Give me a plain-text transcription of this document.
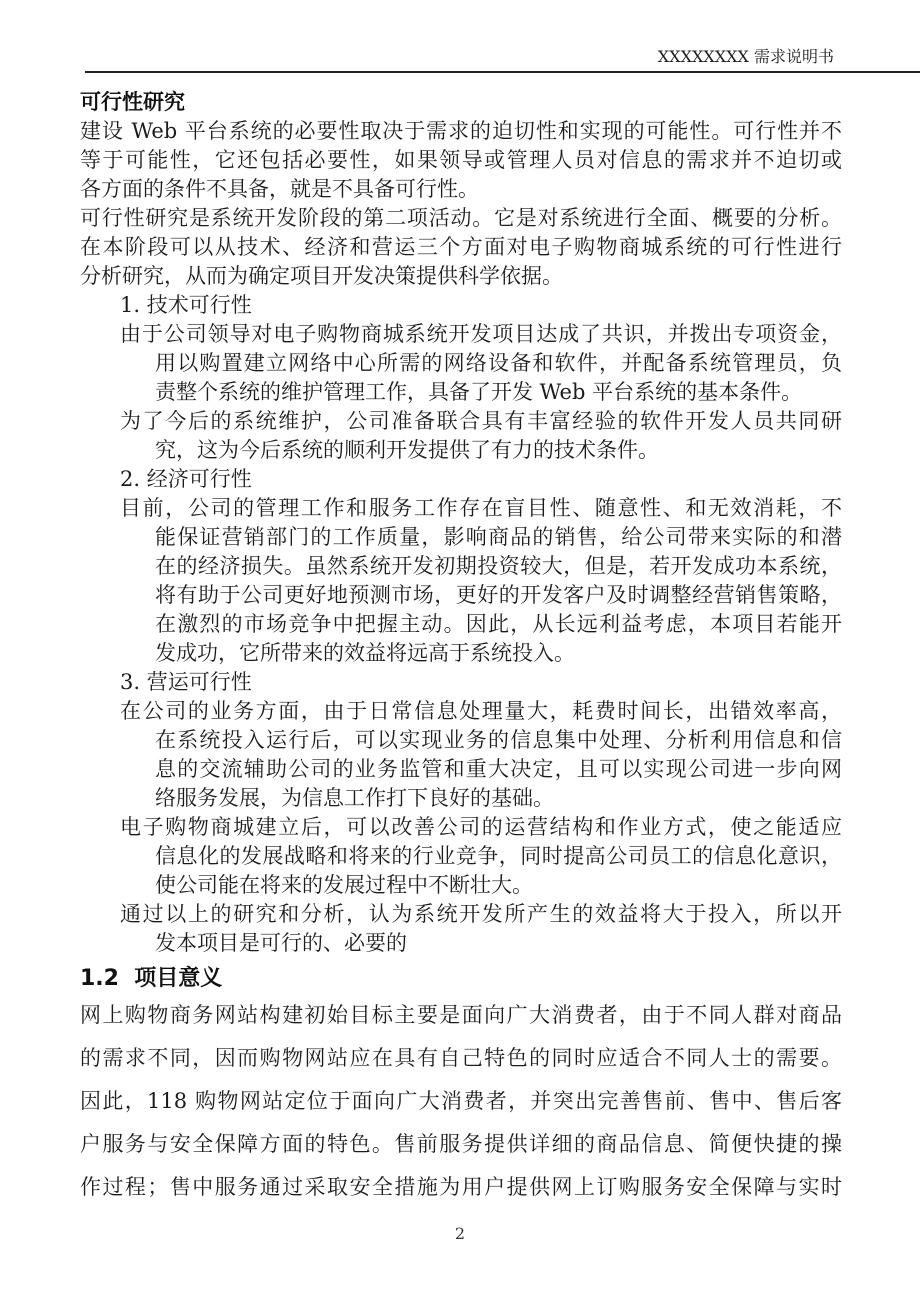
XXXXXXXX 需求说明书
可行性研究
建设 Web 平台系统的必要性取决于需求的迫切性和实现的可能性。可行性并不
等于可能性，它还包括必要性，如果领导或管理人员对信息的需求并不迫切或
各方面的条件不具备，就是不具备可行性。
可行性研究是系统开发阶段的第二项活动。它是对系统进行全面、概要的分析。
在本阶段可以从技术、经济和营运三个方面对电子购物商城系统的可行性进行
分析研究，从而为确定项目开发决策提供科学依据。
1. 技术可行性
由于公司领导对电子购物商城系统开发项目达成了共识，并拨出专项资金，
用以购置建立网络中心所需的网络设备和软件，并配备系统管理员，负
责整个系统的维护管理工作，具备了开发 Web 平台系统的基本条件。
为了今后的系统维护，公司准备联合具有丰富经验的软件开发人员共同研
究，这为今后系统的顺利开发提供了有力的技术条件。
2. 经济可行性
目前，公司的管理工作和服务工作存在盲目性、随意性、和无效消耗，不
能保证营销部门的工作质量，影响商品的销售，给公司带来实际的和潜
在的经济损失。虽然系统开发初期投资较大，但是，若开发成功本系统，
将有助于公司更好地预测市场，更好的开发客户及时调整经营销售策略，
在激烈的市场竞争中把握主动。因此，从长远利益考虑，本项目若能开
发成功，它所带来的效益将远高于系统投入。
3. 营运可行性
在公司的业务方面，由于日常信息处理量大，耗费时间长，出错效率高，
在系统投入运行后，可以实现业务的信息集中处理、分析利用信息和信
息的交流辅助公司的业务监管和重大决定，且可以实现公司进一步向网
络服务发展，为信息工作打下良好的基础。
电子购物商城建立后，可以改善公司的运营结构和作业方式，使之能适应
信息化的发展战略和将来的行业竞争，同时提高公司员工的信息化意识，
使公司能在将来的发展过程中不断壮大。
通过以上的研究和分析，认为系统开发所产生的效益将大于投入，所以开
发本项目是可行的、必要的
1.2  项目意义
网上购物商务网站构建初始目标主要是面向广大消费者，由于不同人群对商品
的需求不同，因而购物网站应在具有自己特色的同时应适合不同人士的需要。
因此，118 购物网站定位于面向广大消费者，并突出完善售前、售中、售后客
户服务与安全保障方面的特色。售前服务提供详细的商品信息、简便快捷的操
作过程；售中服务通过采取安全措施为用户提供网上订购服务安全保障与实时
2
